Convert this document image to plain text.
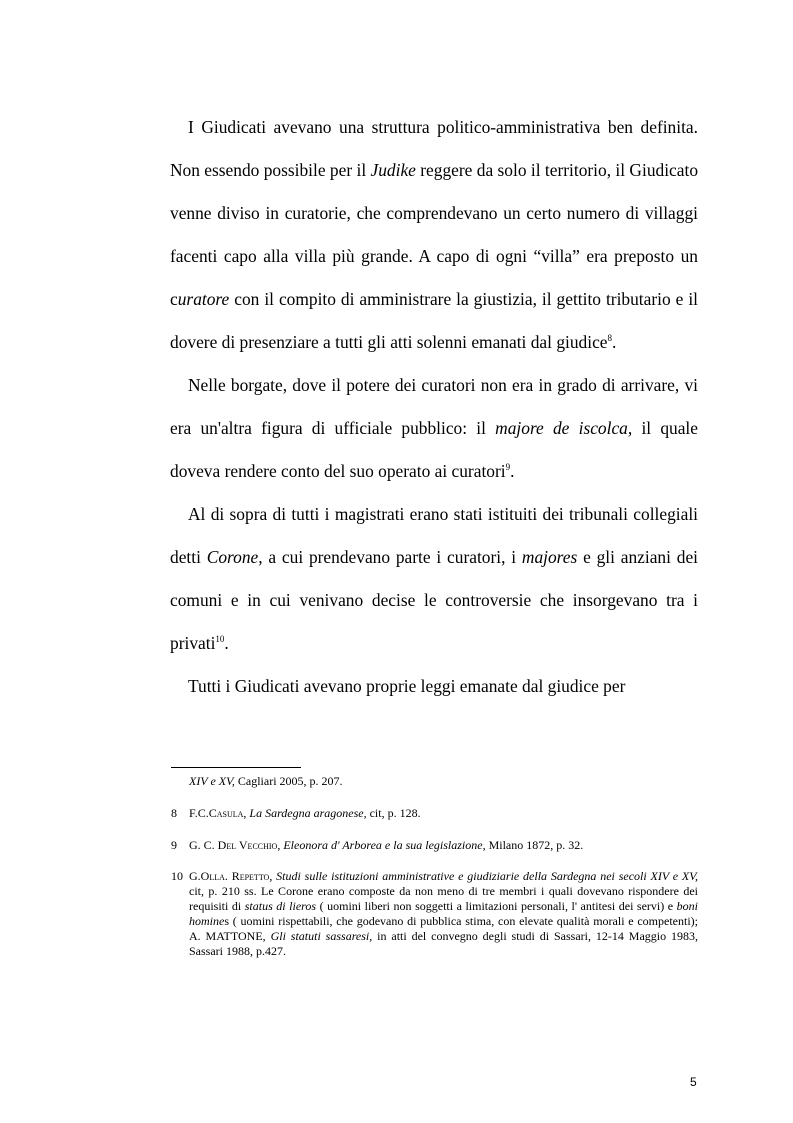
I Giudicati avevano una struttura politico-amministrativa ben definita. Non essendo possibile per il Judike reggere da solo il territorio, il Giudicato venne diviso in curatorie, che comprendevano un certo numero di villaggi facenti capo alla villa più grande. A capo di ogni “villa” era preposto un curatore con il compito di amministrare la giustizia, il gettito tributario e il dovere di presenziare a tutti gli atti solenni emanati dal giudice$^8$.

Nelle borgate, dove il potere dei curatori non era in grado di arrivare, vi era un'altra figura di ufficiale pubblico: il majore de iscolca, il quale doveva rendere conto del suo operato ai curatori$^9$.

Al di sopra di tutti i magistrati erano stati istituiti dei tribunali collegiali detti Corone, a cui prendevano parte i curatori, i majores e gli anziani dei comuni e in cui venivano decise le controversie che insorgevano tra i privati$^{10}$.

Tutti i Giudicati avevano proprie leggi emanate dal giudice per

XIV e XV, Cagliari 2005, p. 207.

8 F.C.Casula, La Sardegna aragonese, cit, p. 128.

9 G. C. Del Vecchio, Eleonora d' Arborea e la sua legislazione, Milano 1872, p. 32.

10 G.Olla. Repetto, Studi sulle istituzioni amministrative e giudiziarie della Sardegna nei secoli XIV e XV, cit, p. 210 ss. Le Corone erano composte da non meno di tre membri i quali dovevano rispondere dei requisiti di status di lieros ( uomini liberi non soggetti a limitazioni personali, l' antitesi dei servi) e boni homines ( uomini rispettabili, che godevano di pubblica stima, con elevate qualità morali e competenti); A. MATTONE, Gli statuti sassaresi, in atti del convegno degli studi di Sassari, 12-14 Maggio 1983, Sassari 1988, p.427.

5
